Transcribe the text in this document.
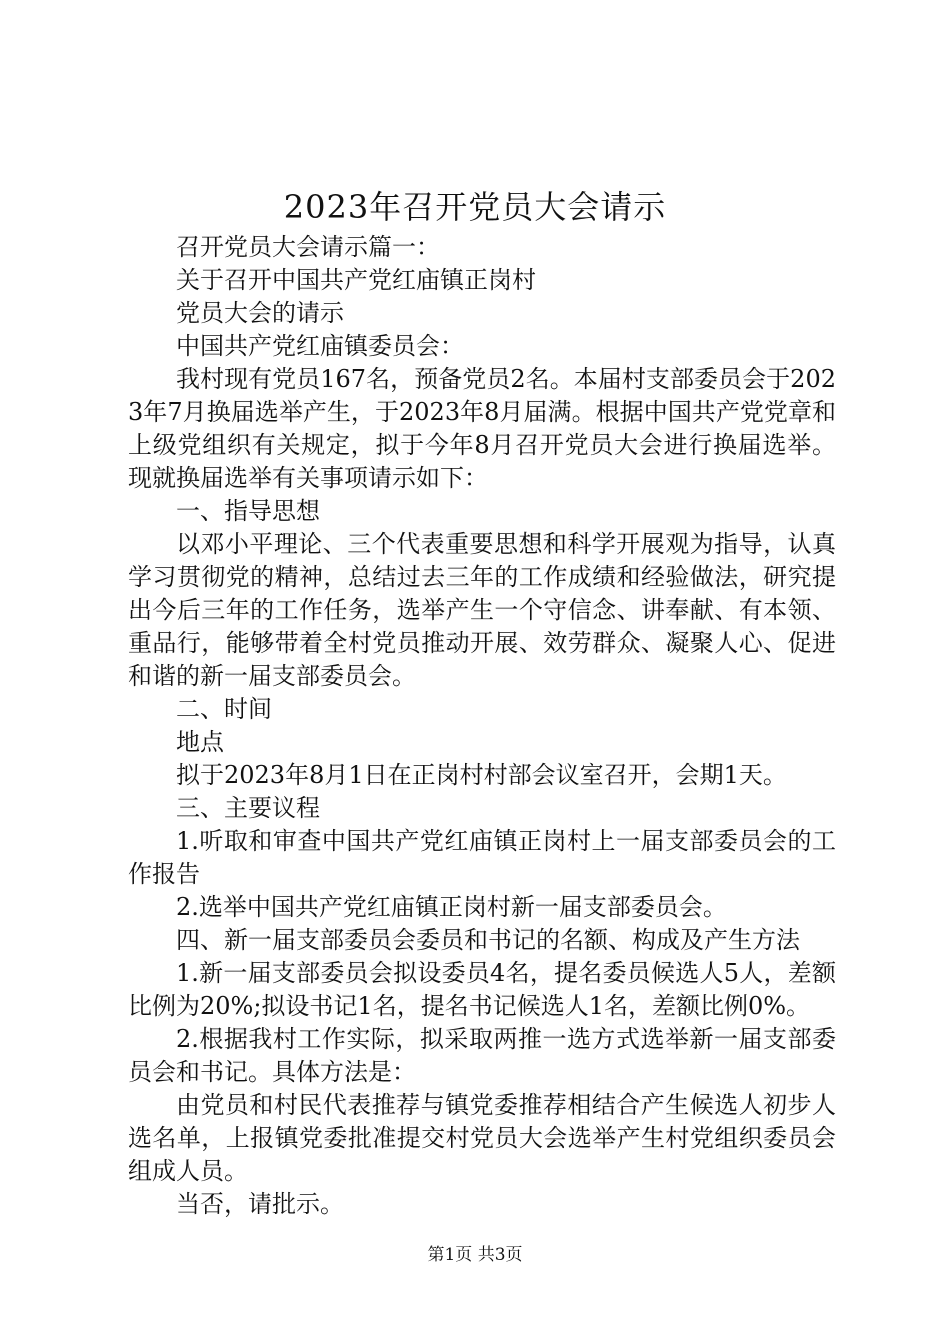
2023年召开党员大会请示

召开党员大会请示篇一：

关于召开中国共产党红庙镇正岗村

党员大会的请示

中国共产党红庙镇委员会：

我村现有党员167名，预备党员2名。本届村支部委员会于2023年7月换届选举产生，于2023年8月届满。根据中国共产党党章和上级党组织有关规定，拟于今年8月召开党员大会进行换届选举。现就换届选举有关事项请示如下：

一、指导思想

以邓小平理论、三个代表重要思想和科学开展观为指导，认真学习贯彻党的精神，总结过去三年的工作成绩和经验做法，研究提出今后三年的工作任务，选举产生一个守信念、讲奉献、有本领、重品行，能够带着全村党员推动开展、效劳群众、凝聚人心、促进和谐的新一届支部委员会。

二、时间

地点

拟于2023年8月1日在正岗村村部会议室召开，会期1天。

三、主要议程

1.听取和审查中国共产党红庙镇正岗村上一届支部委员会的工作报告

2.选举中国共产党红庙镇正岗村新一届支部委员会。

四、新一届支部委员会委员和书记的名额、构成及产生方法

1.新一届支部委员会拟设委员4名，提名委员候选人5人，差额比例为20%;拟设书记1名，提名书记候选人1名，差额比例0%。

2.根据我村工作实际，拟采取两推一选方式选举新一届支部委员会和书记。具体方法是：

由党员和村民代表推荐与镇党委推荐相结合产生候选人初步人选名单，上报镇党委批准提交村党员大会选举产生村党组织委员会组成人员。

当否，请批示。

第1页 共3页
